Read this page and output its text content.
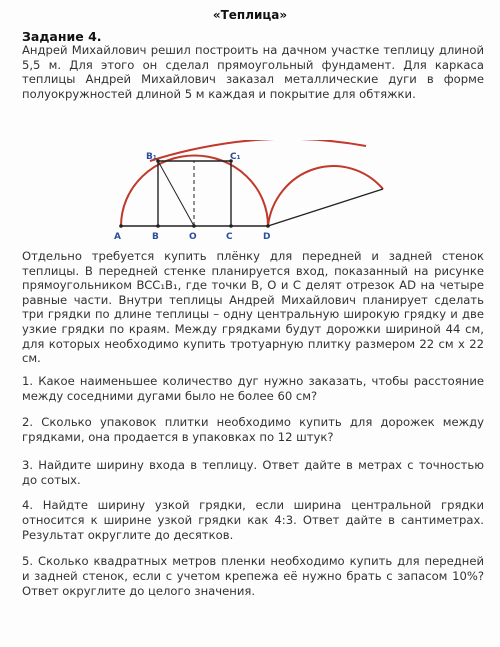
«Теплица»
Задание 4.
Андрей Михайлович решил построить на дачном участке теплицу длиной 5,5 м. Для этого он сделал прямоугольный фундамент. Для каркаса теплицы Андрей Михайлович заказал металлические дуги в форме полуокружностей длиной 5 м каждая и покрытие для обтяжки.
A	B	O	C	D
B₁	C₁
Отдельно требуется купить плёнку для передней и задней стенок теплицы. В передней стенке планируется вход, показанный на рисунке прямоугольником BCC₁B₁, где точки B, O и C делят отрезок AD на четыре равные части. Внутри теплицы Андрей Михайлович планирует сделать три грядки по длине теплицы – одну центральную широкую грядку и две узкие грядки по краям. Между грядками будут дорожки шириной 44 см, для которых необходимо купить тротуарную плитку размером 22 см х 22 см.
1. Какое наименьшее количество дуг нужно заказать, чтобы расстояние между соседними дугами было не более 60 см?
2. Сколько упаковок плитки необходимо купить для дорожек между грядками, она продается в упаковках по 12 штук?
3. Найдите ширину входа в теплицу. Ответ дайте в метрах с точностью до сотых.
4. Найдте ширину узкой грядки, если ширина центральной грядки относится к ширине узкой грядки как 4:3. Ответ дайте в сантиметрах. Результат округлите до десятков.
5. Сколько квадратных метров пленки необходимо купить для передней и задней стенок, если с учетом крепежа её нужно брать с запасом 10%? Ответ округлите до целого значения.
